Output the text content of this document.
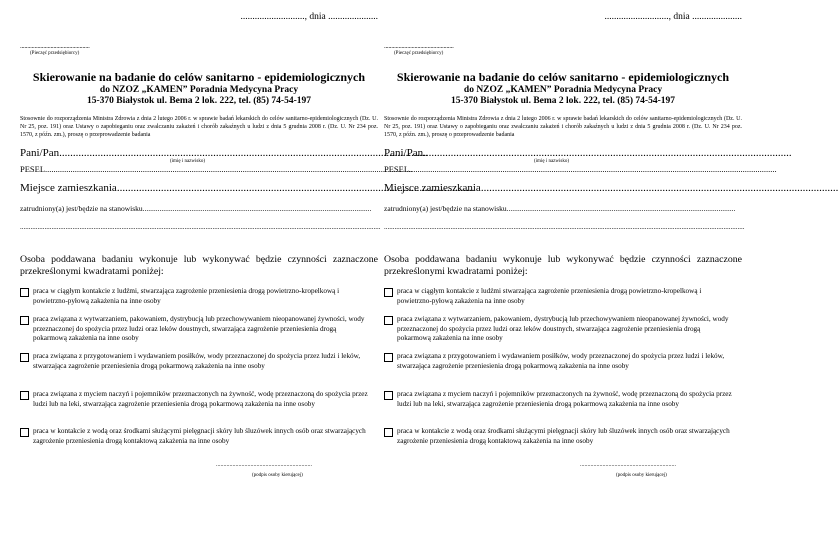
..........................., dnia .....................
................................................
(Pieczęć przedsiębiorcy)
Skierowanie na badanie do celów sanitarno - epidemiologicznych
do NZOZ „KAMEN” Poradnia Medycyna Pracy
15-370 Białystok ul. Bema 2 lok. 222, tel. (85) 74-54-197
Stosownie do rozporządzenia Ministra Zdrowia z dnia 2 lutego 2006 r. w sprawie badań lekarskich do celów sanitarno-epidemiologicznych (Dz. U. Nr 25, poz. 191) oraz Ustawy o zapobieganiu oraz zwalczaniu zakażeń i chorób zakaźnych u ludzi z dnia 5 grudnia 2008 r. (Dz. U. Nr 234 poz. 1570, z późn. zm.), proszę o przeprowadzenie badania
Pani/Pan......................................................................................................................................
(imię i nazwisko)
PESEL.............................................................................................................................................................................
Miejsce zamieszkania..................................................................................................................................
zatrudniony(a) jest/będzie na stanowisku..........................................................................................................................
..............................................................................................................................................................................................................
Osoba poddawana badaniu wykonuje lub wykonywać będzie czynności zaznaczone przekreślonymi kwadratami poniżej:
praca w ciągłym kontakcie z ludźmi, stwarzająca zagrożenie przeniesienia drogą powietrzno-kropelkową i powietrzno-pyłową zakażenia na inne osoby
praca związana z wytwarzaniem, pakowaniem, dystrybucją lub przechowywaniem nieopanowanej żywności, wody przeznaczonej do spożycia przez ludzi oraz leków doustnych, stwarzająca zagrożenie przeniesienia drogą pokarmową zakażenia na inne osoby
praca związana z przygotowaniem i wydawaniem posiłków, wody przeznaczonej do spożycia przez ludzi i leków, stwarzająca zagrożenie przeniesienia drogą pokarmową zakażenia na inne osoby
praca związana z myciem naczyń i pojemników przeznaczonych na żywność, wodę przeznaczoną do spożycia przez ludzi lub na leki, stwarzająca zagrożenie przeniesienia drogą pokarmową zakażenia na inne osoby
praca w kontakcie z wodą oraz środkami służącymi pielęgnacji skóry lub śluzówek innych osób oraz stwarzających zagrożenie przeniesienia drogą kontaktową zakażenia na inne osoby
................................................................
(podpis osoby kierującej)
..........................., dnia .....................
................................................
(Pieczęć przedsiębiorcy)
Skierowanie na badanie do celów sanitarno - epidemiologicznych
do NZOZ „KAMEN” Poradnia Medycyna Pracy
15-370 Białystok ul. Bema 2 lok. 222, tel. (85) 74-54-197
Stosownie do rozporządzenia Ministra Zdrowia z dnia 2 lutego 2006 r. w sprawie badań lekarskich do celów sanitarno-epidemiologicznych (Dz. U. Nr 25, poz. 191) oraz Ustawy o zapobieganiu oraz zwalczaniu zakażeń i chorób zakaźnych u ludzi z dnia 5 grudnia 2008 r. (Dz. U. Nr 234 poz. 1570, z późn. zm.), proszę o przeprowadzenie badania
Pani/Pan......................................................................................................................................
(imię i nazwisko)
PESEL.............................................................................................................................................................................
Miejsce zamieszkania..................................................................................................................................
zatrudniony(a) jest/będzie na stanowisku..........................................................................................................................
..............................................................................................................................................................................................................
Osoba poddawana badaniu wykonuje lub wykonywać będzie czynności zaznaczone przekreślonymi kwadratami poniżej:
praca w ciągłym kontakcie z ludźmi stwarzająca zagrożenie przeniesienia drogą powietrzno-kropelkową i powietrzno-pyłową zakażenia na inne osoby
praca związana z wytwarzaniem, pakowaniem, dystrybucją lub przechowywaniem nieopanowanej żywności, wody przeznaczonej do spożycia przez ludzi oraz leków doustnych, stwarzająca zagrożenie przeniesienia drogą pokarmową zakażenia na inne osoby
praca związana z przygotowaniem i wydawaniem posiłków, wody przeznaczonej do spożycia przez ludzi i leków, stwarzająca zagrożenie przeniesienia drogą pokarmową zakażenia na inne osoby
praca związana z myciem naczyń i pojemników przeznaczonych na żywność, wodę przeznaczoną do spożycia przez ludzi lub na leki, stwarzająca zagrożenie przeniesienia drogą pokarmową zakażenia na inne osoby
praca w kontakcie z wodą oraz środkami służącymi pielęgnacji skóry lub śluzówek innych osób oraz stwarzających zagrożenie przeniesienia drogą kontaktową zakażenia na inne osoby
................................................................
(podpis osoby kierującej)
